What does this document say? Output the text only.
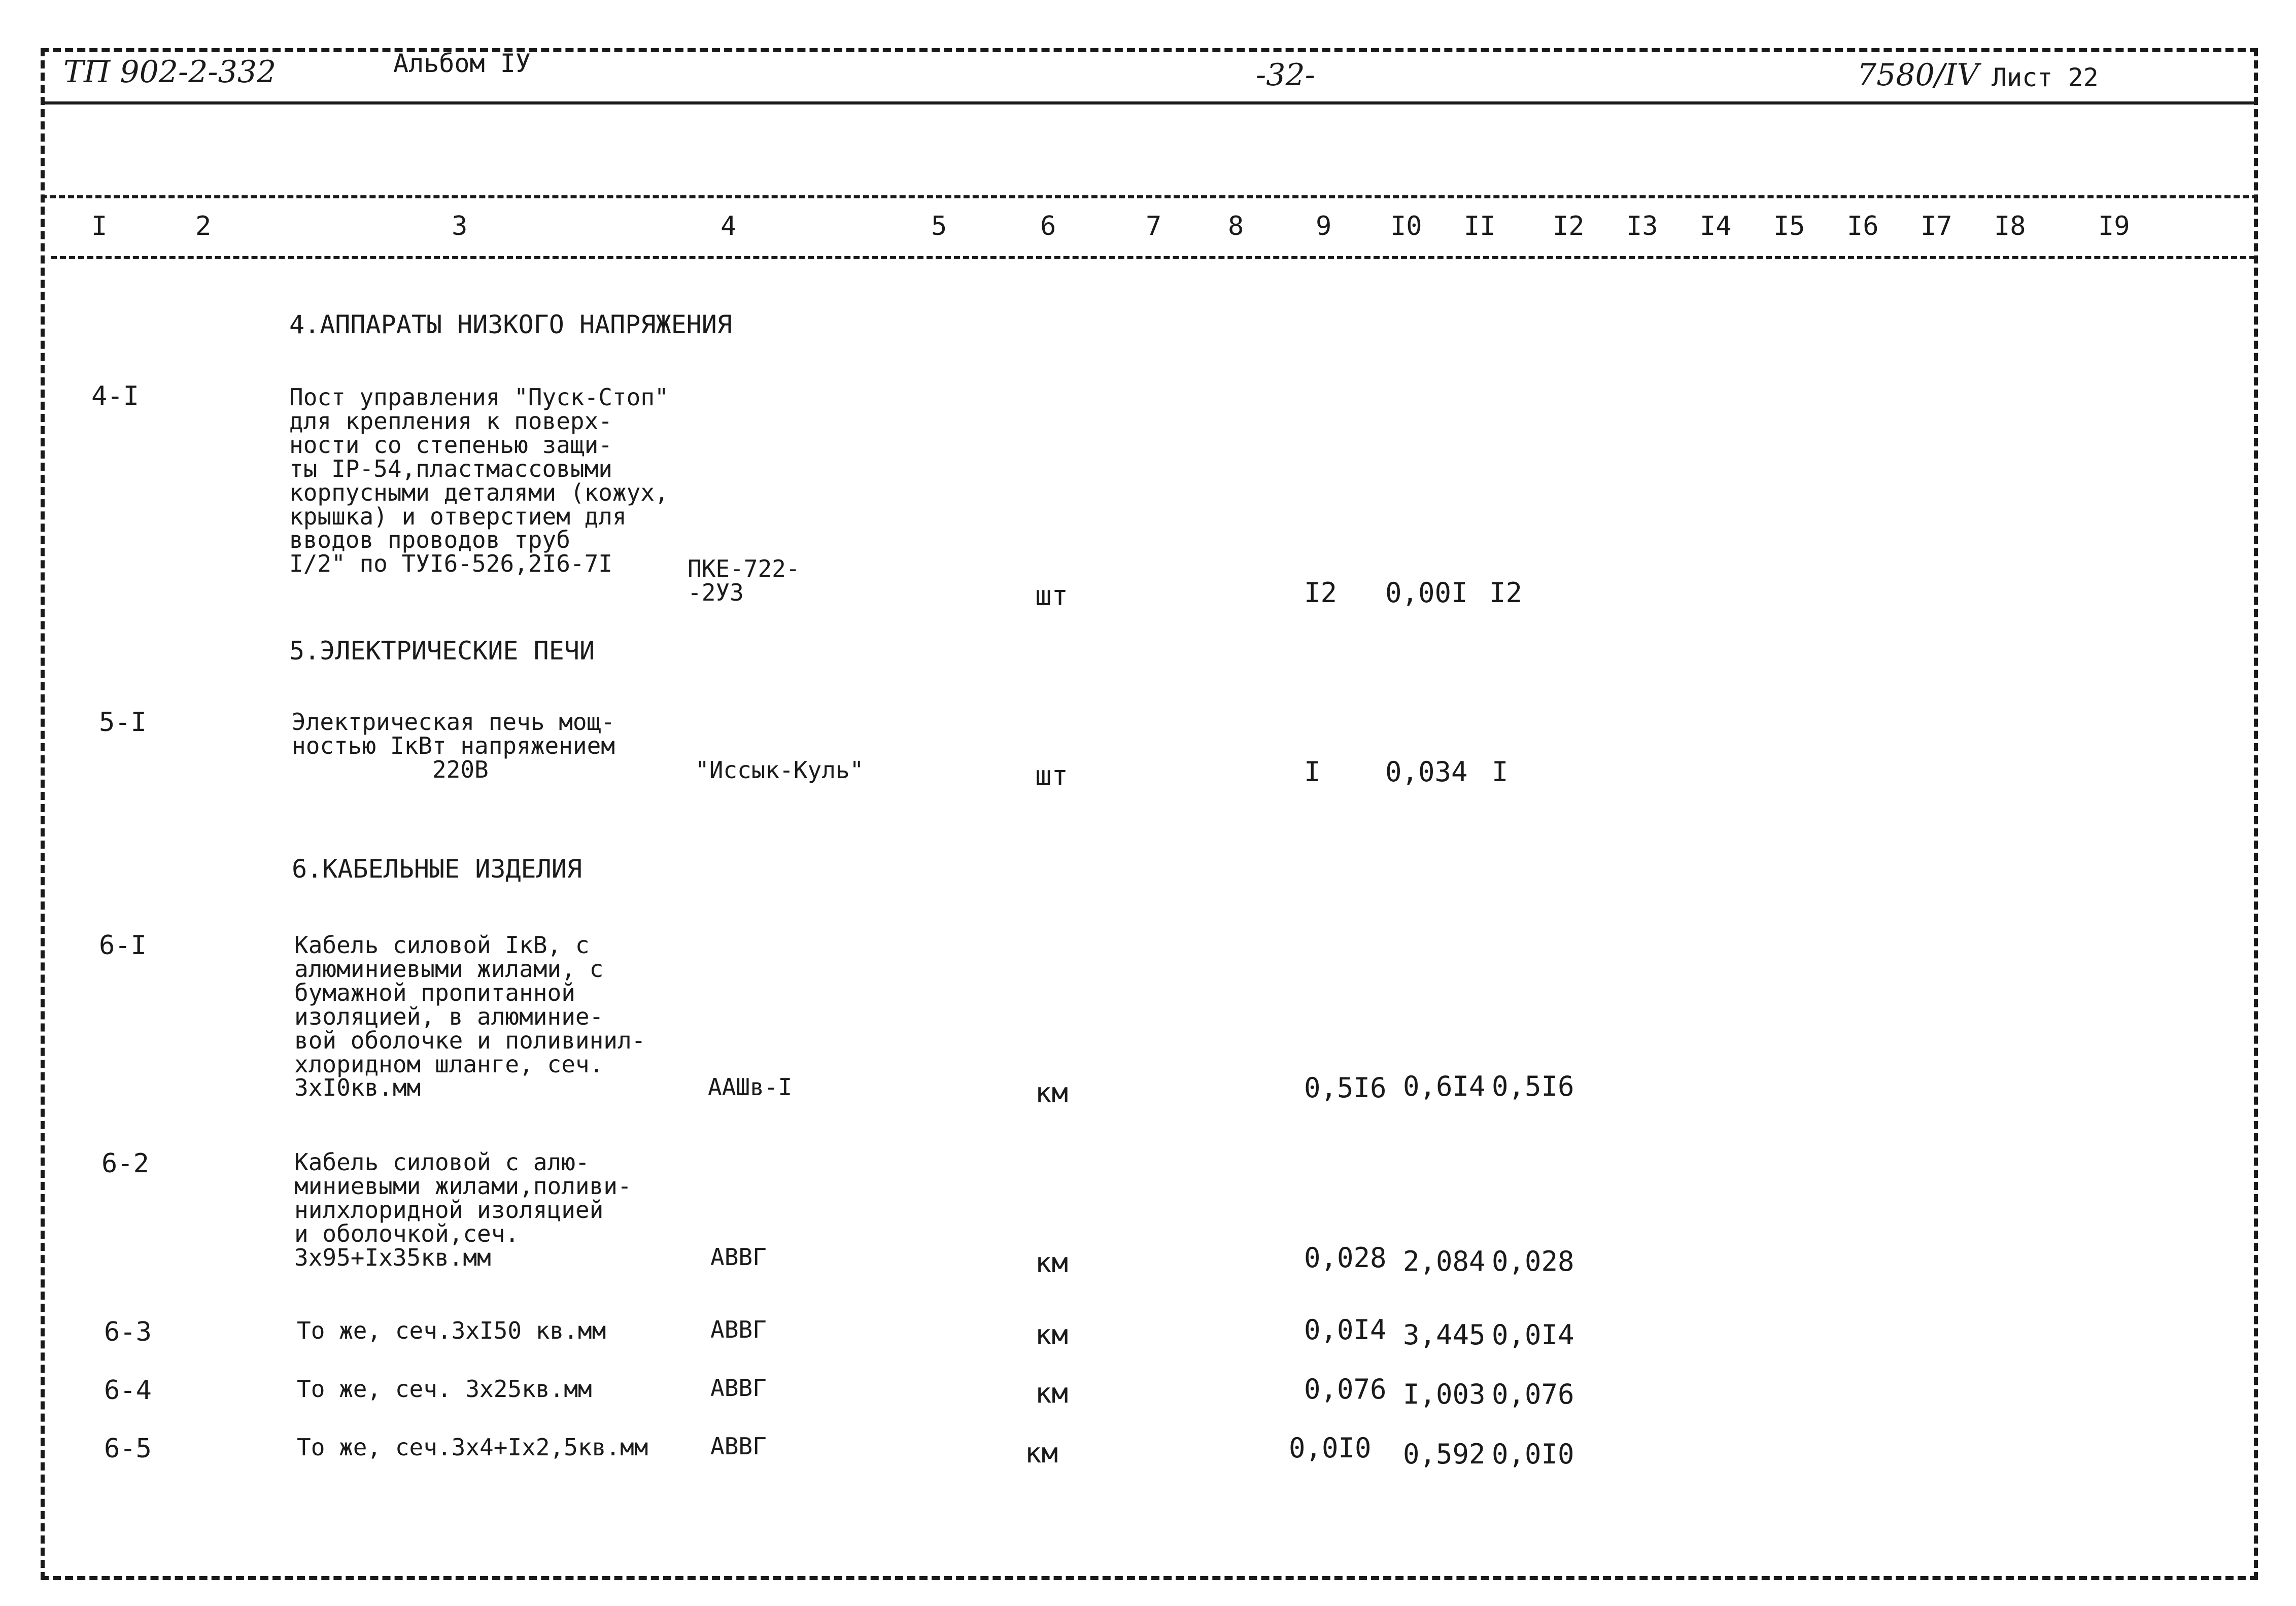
ТП 902-2-332	Альбом IУ	-32-	7580/IV Лист 22
I	2	3	4	5	6	7	8	9 I0 II I2 I3 I4 I5 I6 I7 I8	I9
4.АППАРАТЫ НИЗКОГО НАПРЯЖЕНИЯ
5.ЭЛЕКТРИЧЕСКИЕ ПЕЧИ
6.КАБЕЛЬНЫЕ ИЗДЕЛИЯ
4-I	Пост управления "Пуск-Стоп"
для крепления к поверх-
ности со степенью защи-
ты IP-54,пластмассовыми
корпусными деталями (кожух,
крышка) и отверстием для
вводов проводов труб
I/2" по ТУI6-526,2I6-7I	ПКЕ-722-
-2УЗ	шт	I2 0,00I I2
5-I	Электрическая печь мощ-
ностью IкВт напряжением
220В	"Иссык-Куль"	шт	I 0,034 I
6-I	Кабель силовой IкВ, с
алюминиевыми жилами, с
бумажной пропитанной
изоляцией, в алюминие-
вой оболочке и поливинил-
хлоридном шланге, сеч.
3хI0кв.мм	ААШв-I	км	0,5I6 0,6I4 0,5I6
6-2	Кабель силовой с алю-
миниевыми жилами,поливи-
нилхлоридной изоляцией
и оболочкой,сеч.
3х95+Iх35кв.мм	АВВГ	км	0,028 2,084 0,028
6-3	То же, сеч.3хI50 кв.мм	АВВГ	км	0,0I4 3,445 0,0I4
6-4	То же, сеч. 3х25кв.мм	АВВГ	км	0,076 I,003 0,076
6-5	То же, сеч.3х4+Iх2,5кв.мм	АВВГ	км	0,0I0 0,592 0,0I0
